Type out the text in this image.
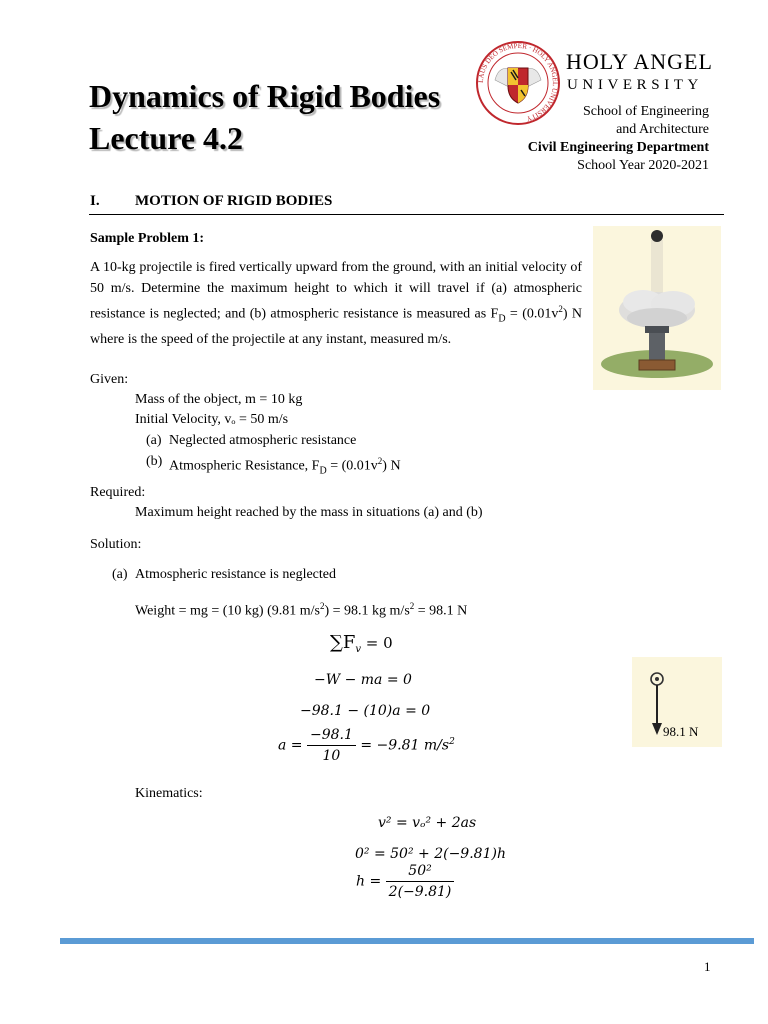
Dynamics of Rigid Bodies
Lecture 4.2
LAUS DEO SEMPER · HOLY ANGEL UNIVERSITY
HOLY ANGEL
UNIVERSITY
School of Engineering
and Architecture
Civil Engineering Department
School Year 2020-2021
I. MOTION OF RIGID BODIES
Sample Problem 1:
A 10-kg projectile is fired vertically upward from the ground, with an initial velocity of 50 m/s. Determine the maximum height to which it will travel if (a) atmospheric resistance is neglected; and (b) atmospheric resistance is measured as $F_D = (0.01v^2)$ N where is the speed of the projectile at any instant, measured m/s.
Given:
Mass of the object, m = 10 kg
Initial Velocity, vₒ = 50 m/s
(a) Neglected atmospheric resistance
(b) Atmospheric Resistance, $F_D = (0.01v^2)$ N
Required:
Maximum height reached by the mass in situations (a) and (b)
Solution:
(a) Atmospheric resistance is neglected
Weight = mg = (10 kg) (9.81 $m/s^2) = 98.1$ kg $m/s^2 = 98.1$ N
$\sum F_v = 0$
−W − ma = 0
−98.1 − (10)a = 0
$a = \frac{-98.1}{10} = -9.81$ $m/s^2$
98.1 N
Kinematics:
v² = vₒ² + 2as
0² = 50² + 2(−9.81)h
$h = \frac{\text{50²}}{2(-9.81)}$
1
